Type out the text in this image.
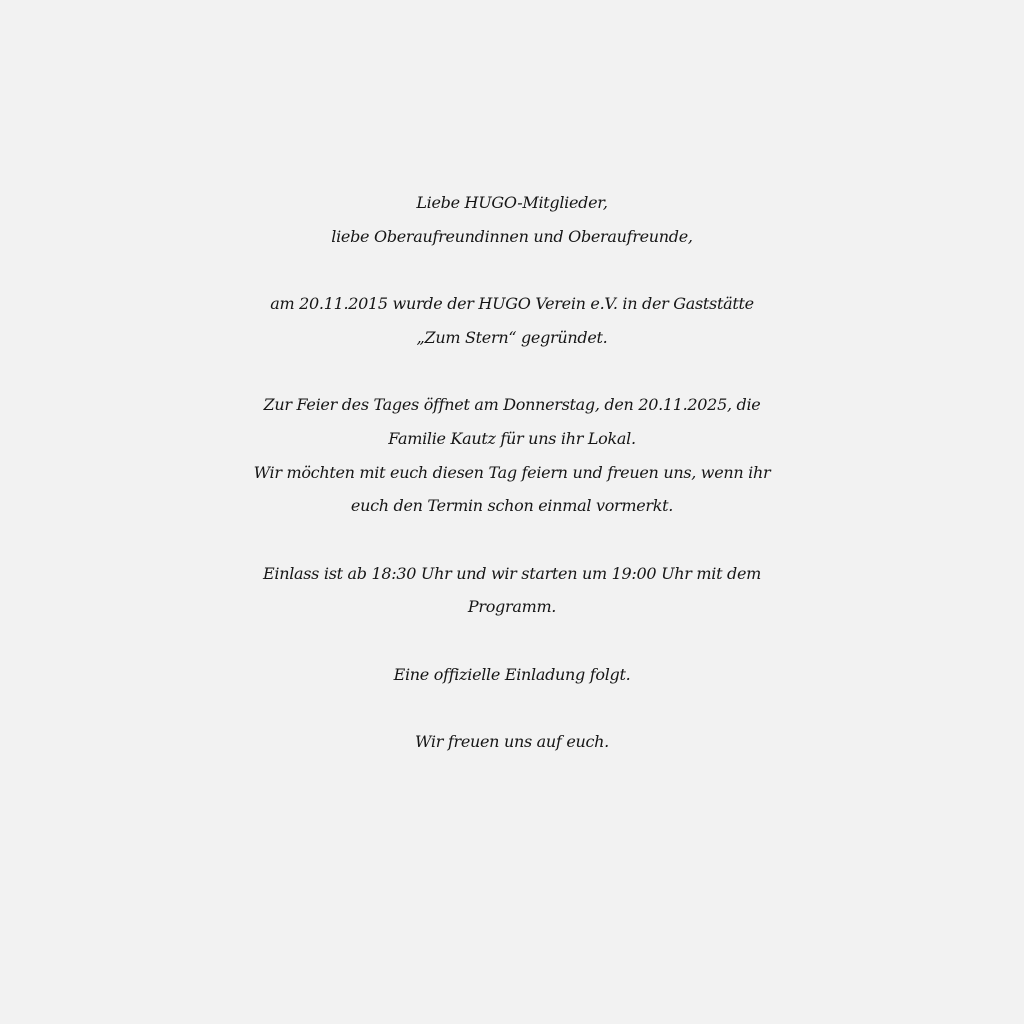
Liebe HUGO-Mitglieder,
liebe Oberaufreundinnen und Oberaufreunde,
am 20.11.2015 wurde der HUGO Verein e.V. in der Gaststätte
„Zum Stern“ gegründet.
Zur Feier des Tages öffnet am Donnerstag, den 20.11.2025, die
Familie Kautz für uns ihr Lokal.
Wir möchten mit euch diesen Tag feiern und freuen uns, wenn ihr
euch den Termin schon einmal vormerkt.
Einlass ist ab 18:30 Uhr und wir starten um 19:00 Uhr mit dem
Programm.
Eine offizielle Einladung folgt.
Wir freuen uns auf euch.
